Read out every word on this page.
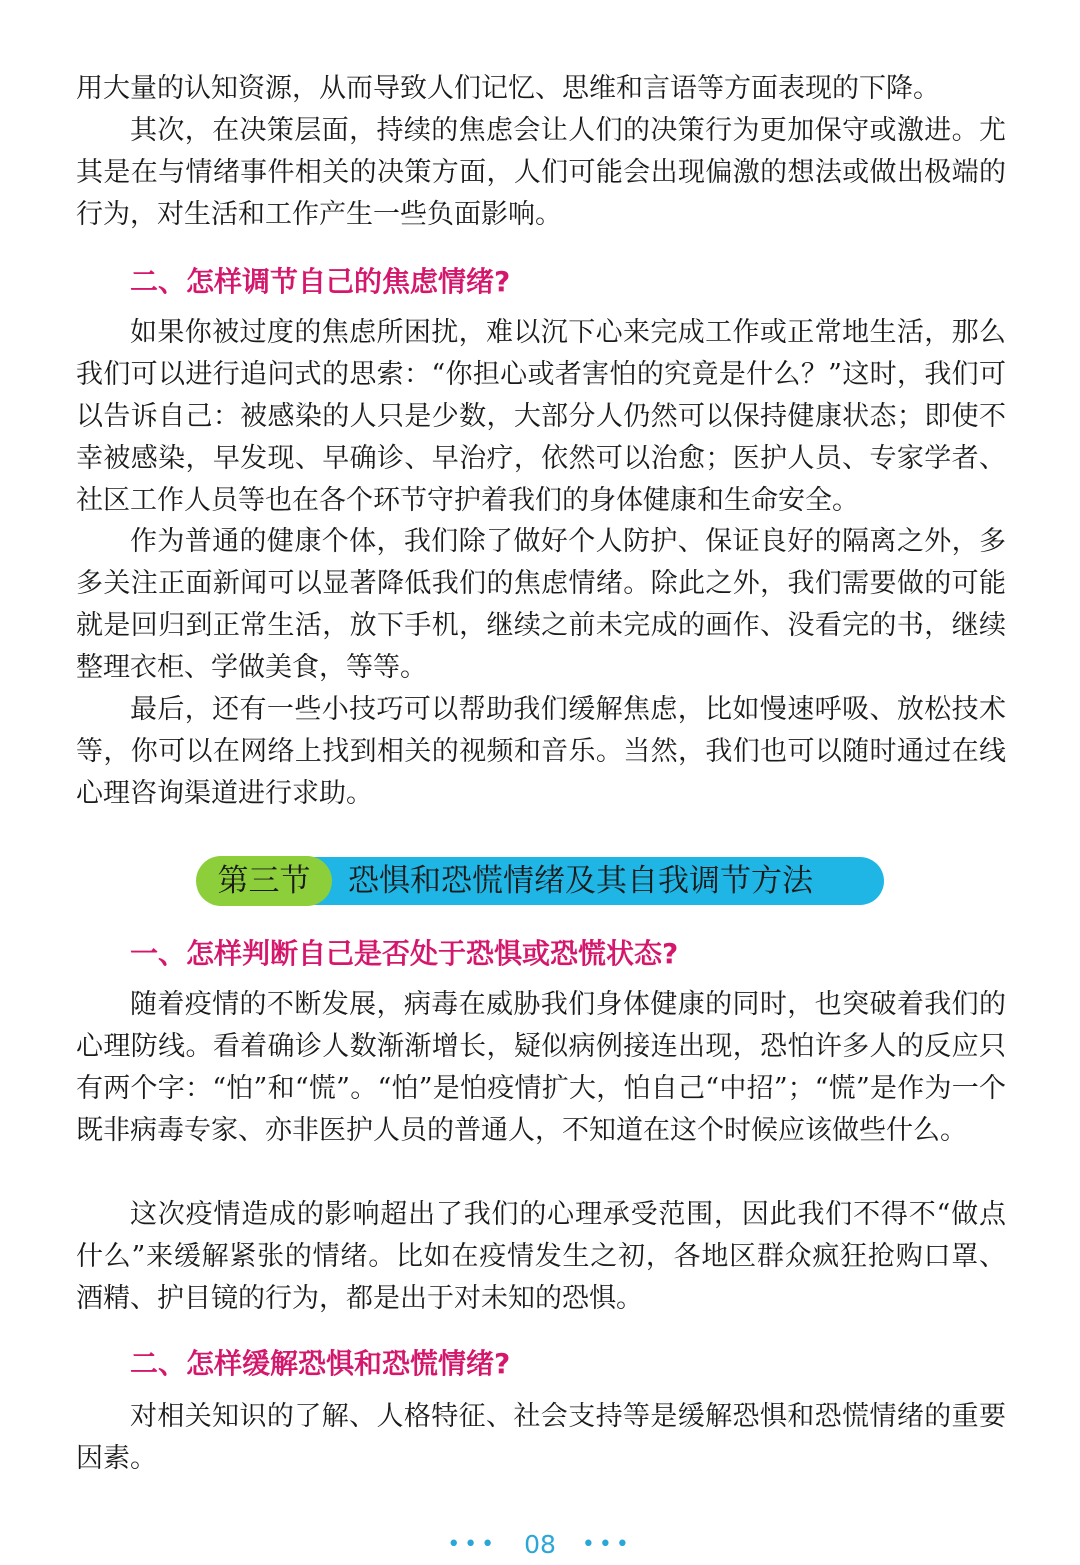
用大量的认知资源，从而导致人们记忆、思维和言语等方面表现的下降。

其次，在决策层面，持续的焦虑会让人们的决策行为更加保守或激进。尤其是在与情绪事件相关的决策方面，人们可能会出现偏激的想法或做出极端的行为，对生活和工作产生一些负面影响。

二、怎样调节自己的焦虑情绪?

如果你被过度的焦虑所困扰，难以沉下心来完成工作或正常地生活，那么我们可以进行追问式的思索：“你担心或者害怕的究竟是什么？”这时，我们可以告诉自己：被感染的人只是少数，大部分人仍然可以保持健康状态；即使不幸被感染，早发现、早确诊、早治疗，依然可以治愈；医护人员、专家学者、社区工作人员等也在各个环节守护着我们的身体健康和生命安全。

作为普通的健康个体，我们除了做好个人防护、保证良好的隔离之外，多多关注正面新闻可以显著降低我们的焦虑情绪。除此之外，我们需要做的可能就是回归到正常生活，放下手机，继续之前未完成的画作、没看完的书，继续整理衣柜、学做美食，等等。

最后，还有一些小技巧可以帮助我们缓解焦虑，比如慢速呼吸、放松技术等，你可以在网络上找到相关的视频和音乐。当然，我们也可以随时通过在线心理咨询渠道进行求助。

第三节	恐惧和恐慌情绪及其自我调节方法
一、怎样判断自己是否处于恐惧或恐慌状态?

随着疫情的不断发展，病毒在威胁我们身体健康的同时，也突破着我们的心理防线。看着确诊人数渐渐增长，疑似病例接连出现，恐怕许多人的反应只有两个字：“怕”和“慌”。“怕”是怕疫情扩大，怕自己“中招”；“慌”是作为一个既非病毒专家、亦非医护人员的普通人，不知道在这个时候应该做些什么。

这次疫情造成的影响超出了我们的心理承受范围，因此我们不得不“做点什么”来缓解紧张的情绪。比如在疫情发生之初，各地区群众疯狂抢购口罩、酒精、护目镜的行为，都是出于对未知的恐惧。

二、怎样缓解恐惧和恐慌情绪?

对相关知识的了解、人格特征、社会支持等是缓解恐惧和恐慌情绪的重要因素。

••• 08 •••
